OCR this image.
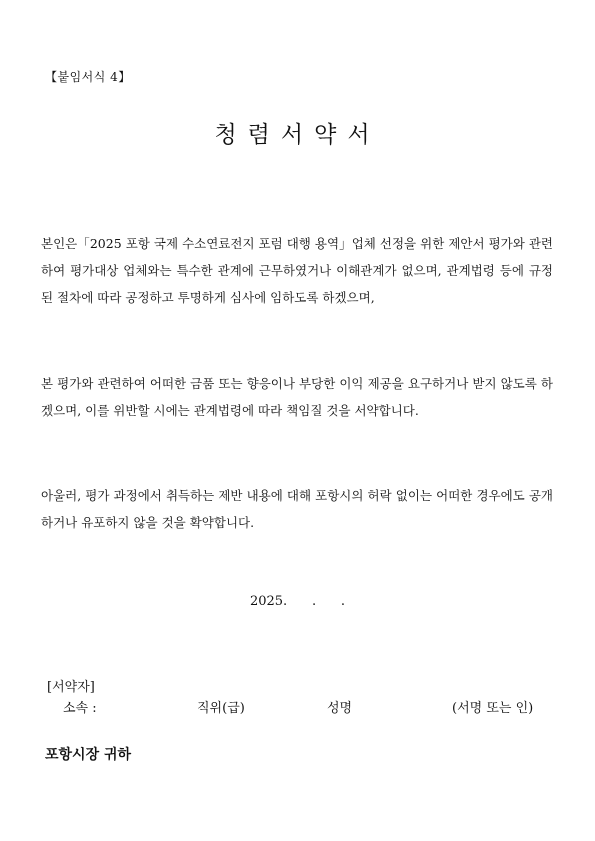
【붙임서식 4】
청렴서약서
본인은「2025 포항 국제 수소연료전지 포럼 대행 용역」업체 선정을 위한 제안서 평가와 관련하여 평가대상 업체와는 특수한 관계에 근무하였거나 이해관계가 없으며, 관계법령 등에 규정된 절차에 따라 공정하고 투명하게 심사에 임하도록 하겠으며,
본 평가와 관련하여 어떠한 금품 또는 향응이나 부당한 이익 제공을 요구하거나 받지 않도록 하겠으며, 이를 위반할 시에는 관계법령에 따라 책임질 것을 서약합니다.
아울러, 평가 과정에서 취득하는 제반 내용에 대해 포항시의 허락 없이는 어떠한 경우에도 공개하거나 유포하지 않을 것을 확약합니다.
2025.      .      .
[서약자]
소속 :	직위(급)	성명	(서명 또는 인)
포항시장 귀하
